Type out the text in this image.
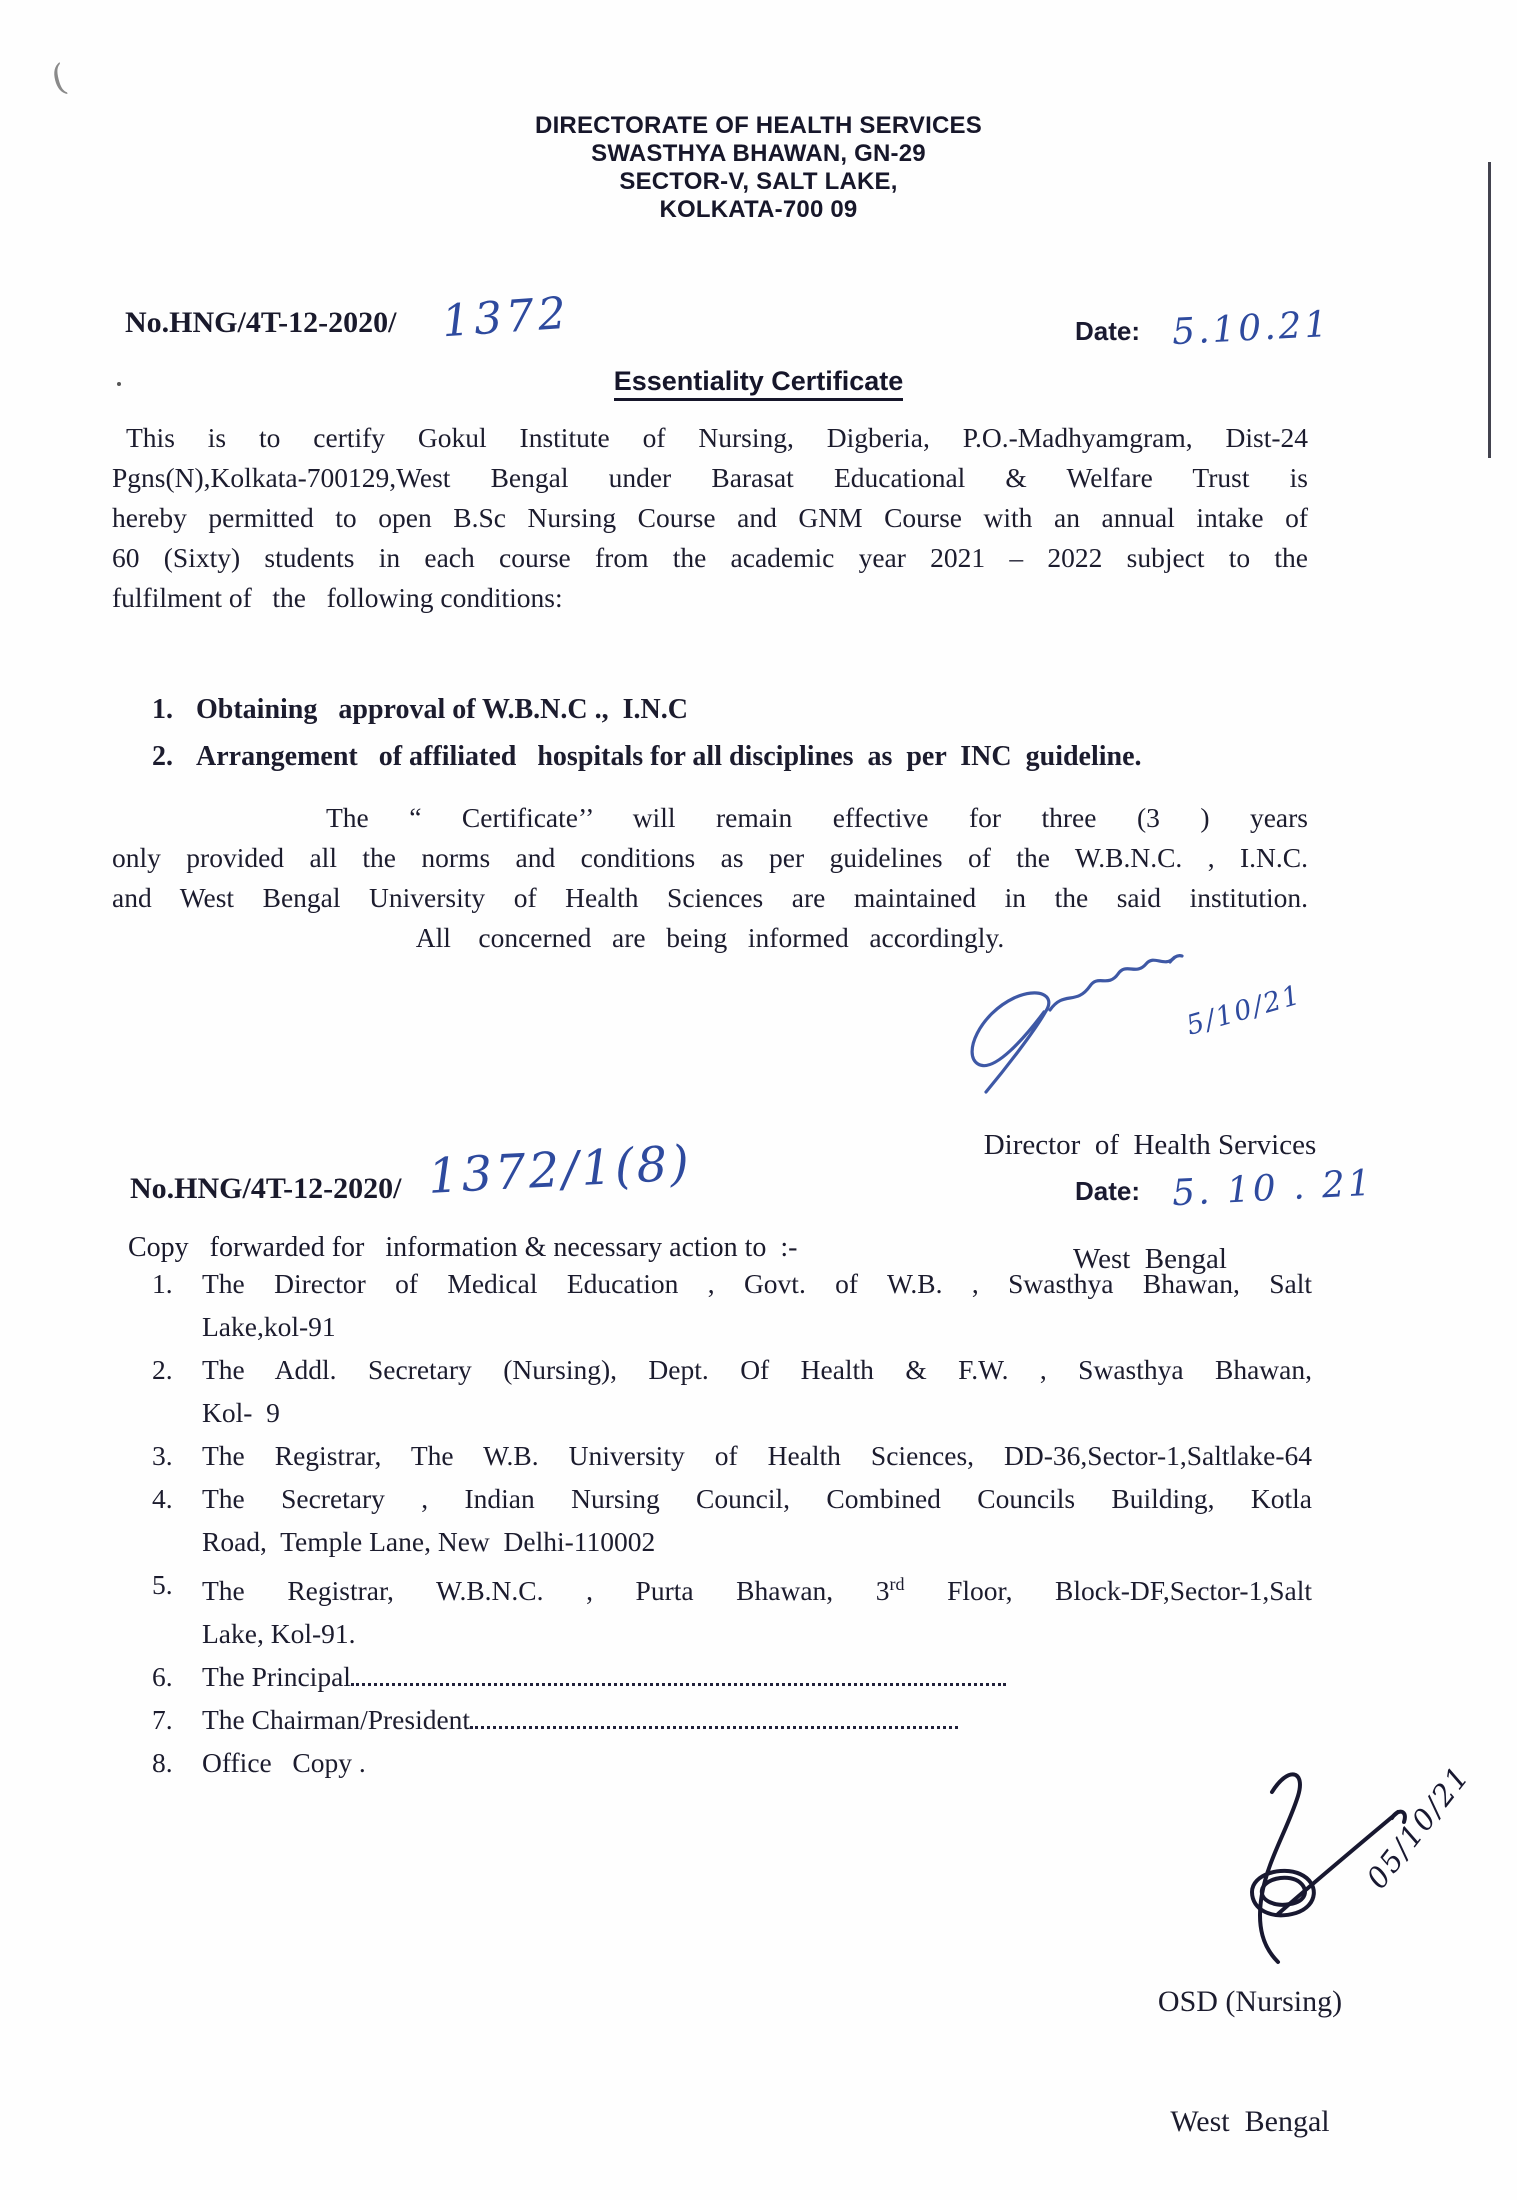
(
DIRECTORATE OF HEALTH SERVICES
SWASTHYA BHAWAN, GN-29
SECTOR-V, SALT LAKE,
KOLKATA-700 09
No.HNG/4T-12-2020/ 1372	Date: 5.10.21
Essentiality Certificate
This is to certify Gokul Institute of Nursing, Digberia, P.O.-Madhyamgram, Dist-24
Pgns(N),Kolkata-700129,West Bengal under Barasat Educational & Welfare Trust is
hereby permitted to open B.Sc Nursing Course and GNM Course with an annual intake of
60 (Sixty) students in each course from the academic year 2021 – 2022 subject to the
fulfilment of   the   following conditions:
1. Obtaining   approval of W.B.N.C .,  I.N.C
2. Arrangement   of affiliated   hospitals for all disciplines  as  per  INC  guideline.
The “ Certificate’’ will remain effective for three (3 ) years
only provided all the norms and conditions as per guidelines of the W.B.N.C. , I.N.C.
and West Bengal University of Health Sciences are maintained in the said institution.
All    concerned   are   being   informed   accordingly.
5/10/21

Director  of  Health Services

West  Bengal

No.HNG/4T-12-2020/ 1372/1(8)	Date: 5. 10 . 21
Copy   forwarded for   information & necessary action to  :-
1.	The Director of Medical Education , Govt. of W.B. , Swasthya Bhawan, Salt
Lake,kol-91
2.	The Addl. Secretary (Nursing), Dept. Of Health & F.W. , Swasthya Bhawan,
Kol-  9
3.	The Registrar, The W.B. University of Health Sciences, DD-36,Sector-1,Saltlake-64
4.	The Secretary , Indian Nursing Council, Combined Councils Building, Kotla
Road,  Temple Lane, New  Delhi-110002
5.	The Registrar, W.B.N.C. , Purta Bhawan, 3rd Floor, Block-DF,Sector-1,Salt
Lake, Kol-91.
6.	The Principal
7.	The Chairman/President
8.	Office   Copy .	05/10/21

OSD (Nursing)

West  Bengal
